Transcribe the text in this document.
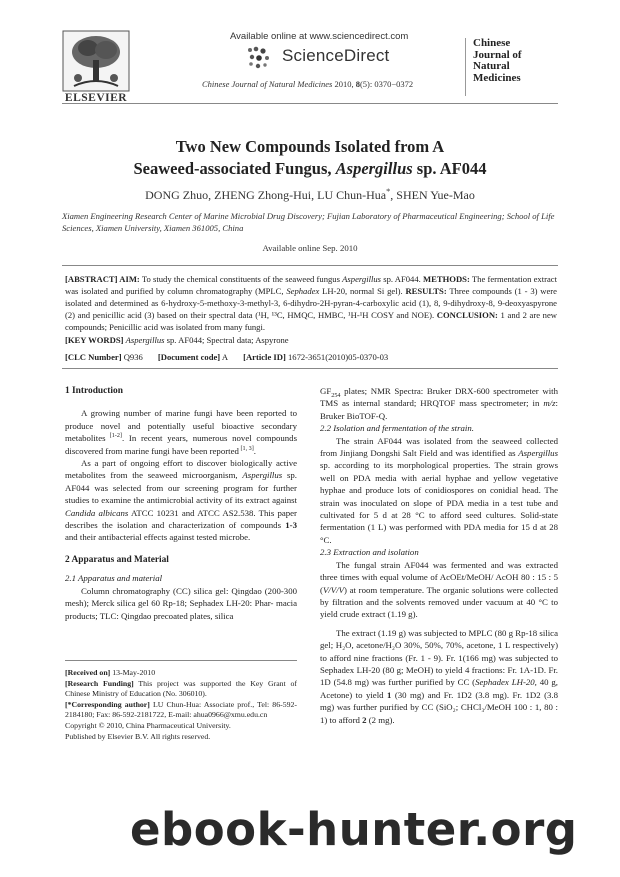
ELSEVIER
Available online at www.sciencedirect.com
ScienceDirect
Chinese Journal of Natural Medicines 2010, 8(5): 0370−0372
Chinese
Journal of
Natural
Medicines
Two New Compounds Isolated from A
Seaweed-associated Fungus, Aspergillus sp. AF044
DONG Zhuo, ZHENG Zhong-Hui, LU Chun-Hua*, SHEN Yue-Mao
Xiamen Engineering Research Center of Marine Microbial Drug Discovery; Fujian Laboratory of Pharmaceutical Engineering; School of Life Sciences, Xiamen University, Xiamen 361005, China
Available online Sep. 2010
[ABSTRACT] AIM: To study the chemical constituents of the seaweed fungus Aspergillus sp. AF044. METHODS: The fermentation extract was isolated and purified by column chromatography (MPLC, Sephadex LH-20, normal Si gel). RESULTS: Three compounds (1 - 3) were isolated and determined as 6-hydroxy-5-methoxy-3-methyl-3, 6-dihydro-2H-pyran-4-carboxylic acid (1), 8, 9-dihydroxy-8, 9-deoxyaspyrone (2) and penicillic acid (3) based on their spectral data (¹H, ¹³C, HMQC, HMBC, ¹H-¹H COSY and NOE). CONCLUSION: 1 and 2 are new compounds; Penicillic acid was isolated from many fungi.
[KEY WORDS] Aspergillus sp. AF044; Spectral data; Aspyrone
[CLC Number] Q936 [Document code] A [Article ID] 1672-3651(2010)05-0370-03
1 Introduction
A growing number of marine fungi have been reported to produce novel and potentially useful bioactive secondary metabolites [1-2]. In recent years, numerous novel compounds discovered from marine fungi have been reported [1, 3].
As a part of ongoing effort to discover biologically active metabolites from the seaweed microorganism, Aspergillus sp. AF044 was selected from our screening program for further studies to examine the antimicrobial activity of its extract against Candida albicans ATCC 10231 and ATCC AS2.538. This paper describes the isolation and characterization of compounds 1-3 and their antibacterial effects against tested microbe.
2 Apparatus and Material
2.1 Apparatus and material
Column chromatography (CC) silica gel: Qingdao (200-300 mesh); Merck silica gel 60 Rp-18; Sephadex LH-20: Phar- macia products; TLC: Qingdao precoated plates, silica
[Received on] 13-May-2010
[Research Funding] This project was supported the Key Grant of Chinese Ministry of Education (No. 306010).
[*Corresponding author] LU Chun-Hua: Associate prof., Tel: 86-592-2184180; Fax: 86-592-2181722, E-mail: ahua0966@xmu.edu.cn
Copyright © 2010, China Pharmaceutical University.
Published by Elsevier B.V. All rights reserved.
$GF_{254}$ plates; NMR Spectra: Bruker DRX-600 spectrometer with TMS as internal standard; HRQTOF mass spectrometer; in m/z: Bruker BioTOF-Q.
2.2 Isolation and fermentation of the strain.
The strain AF044 was isolated from the seaweed collected from Jinjiang Dongshi Salt Field and was identified as Aspergillus sp. according to its morphological properties. The strain grows well on PDA media with aerial hyphae and yellow vegetative hyphae and produce lots of conidiospores on conidial head. The strain was inoculated on slope of PDA media in a test tube and cultivated for 5 d at 28 °C to afford seed cultures. Solid-state fermentation (1 L) was performed with PDA media for 15 d at 28 °C.
2.3 Extraction and isolation
The fungal strain AF044 was fermented and was extracted three times with equal volume of AcOEt/MeOH/ AcOH 80 : 15 : 5 (V/V/V) at room temperature. The organic solutions were collected by filtration and the solvents removed under vacuum at 40 °C to yield crude extract (1.19 g).
The extract (1.19 g) was subjected to MPLC (80 g Rp-18 silica gel; H₂O, acetone/H₂O 30%, 50%, 70%, acetone, 1 L respectively) to afford nine fractions (Fr. 1 - 9). Fr. 1(166 mg) was subjected to Sephadex LH-20 (80 g; MeOH) to yield 4 fractions: Fr. 1A-1D. Fr. 1D (54.8 mg) was further purified by CC (Sephadex LH-20, 40 g, Acetone) to yield 1 (30 mg) and Fr. 1D2 (3.8 mg). Fr. 1D2 (3.8 mg) was further purified by CC (SiO₂; CHCl₃/MeOH 100 : 1, 80 : 1) to afford 2 (2 mg).
ebook-hunter.org
